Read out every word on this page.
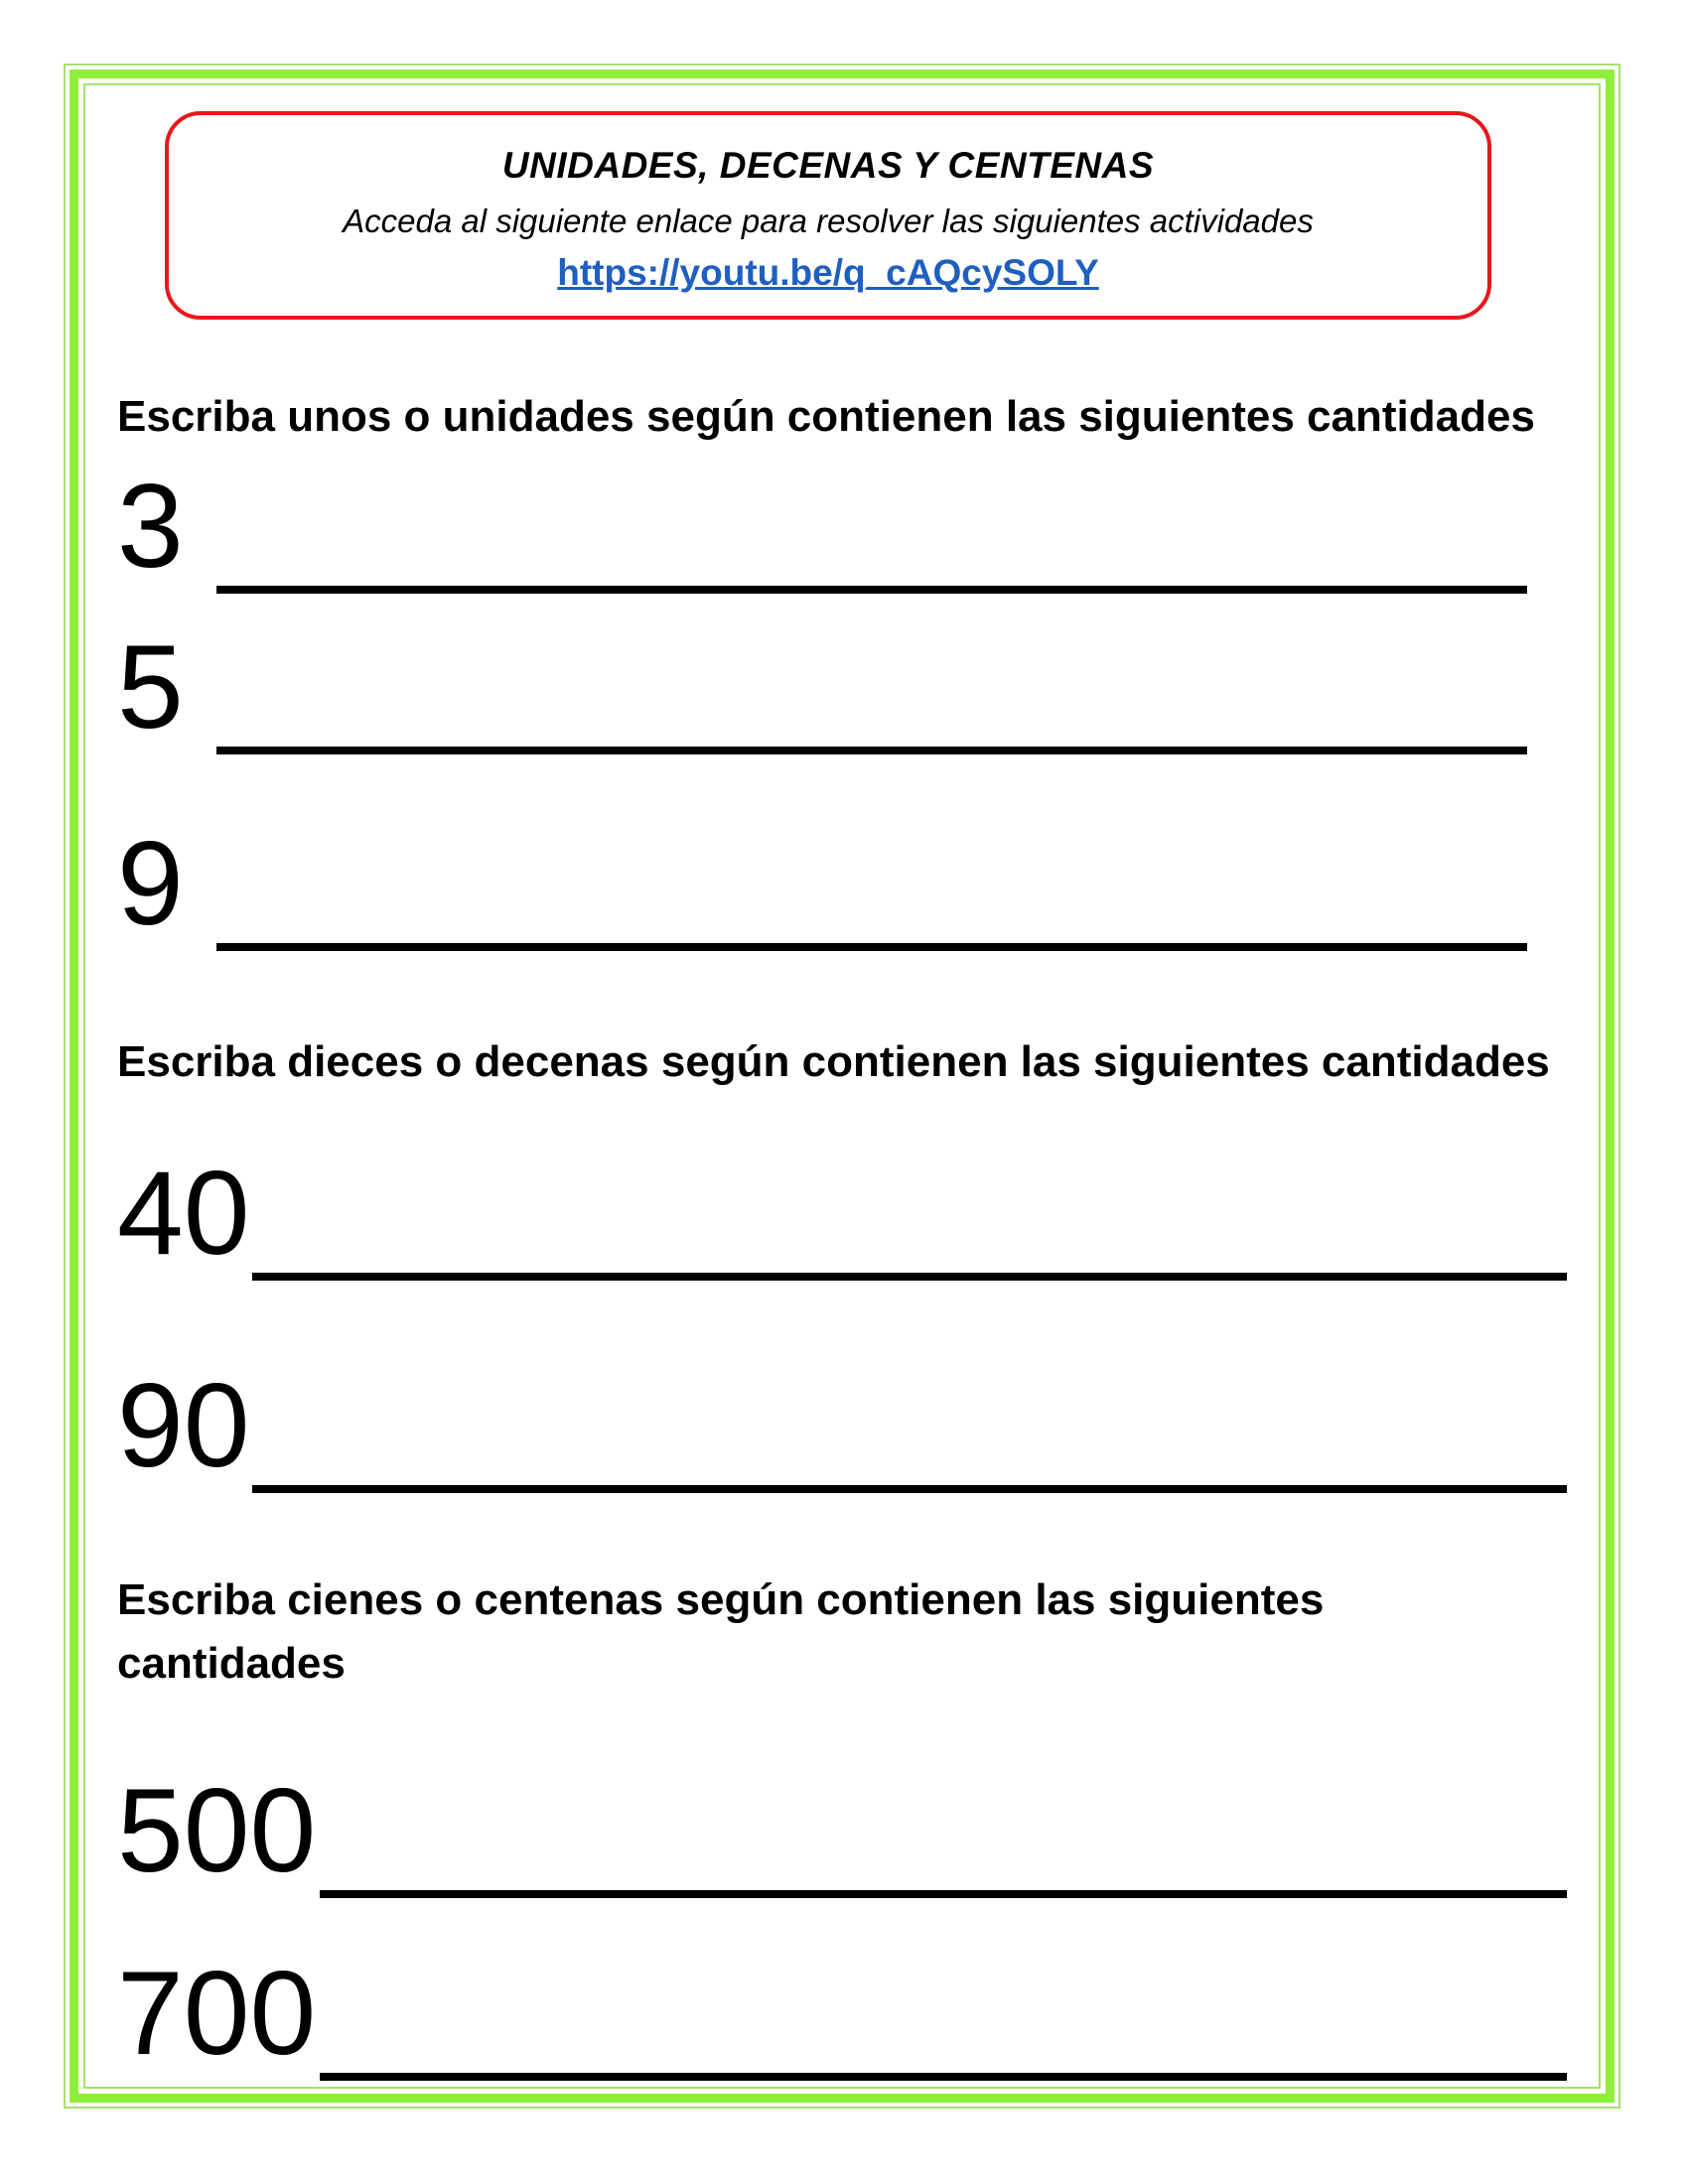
UNIDADES, DECENAS Y CENTENAS
Acceda al siguiente enlace para resolver las siguientes actividades
https://youtu.be/q_cAQcySOLY
Escriba unos o unidades según contienen las siguientes cantidades
3
5
9
Escriba dieces o decenas según contienen las siguientes cantidades
40
90
Escriba cienes o centenas según contienen las siguientes cantidades
500
700
